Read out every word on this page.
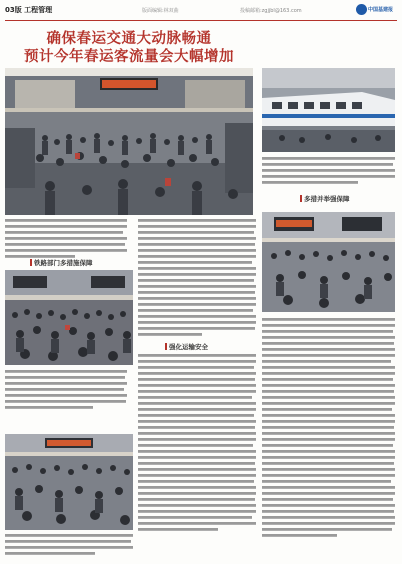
03版 工程管理	版面编辑:林双曲	投稿邮箱:zgjjbl@163.com	中国基建报
确保春运交通大动脉畅通
预计今年春运客流量会大幅增加
铁路部门多措施保障
强化运输安全
多措并举强保障
